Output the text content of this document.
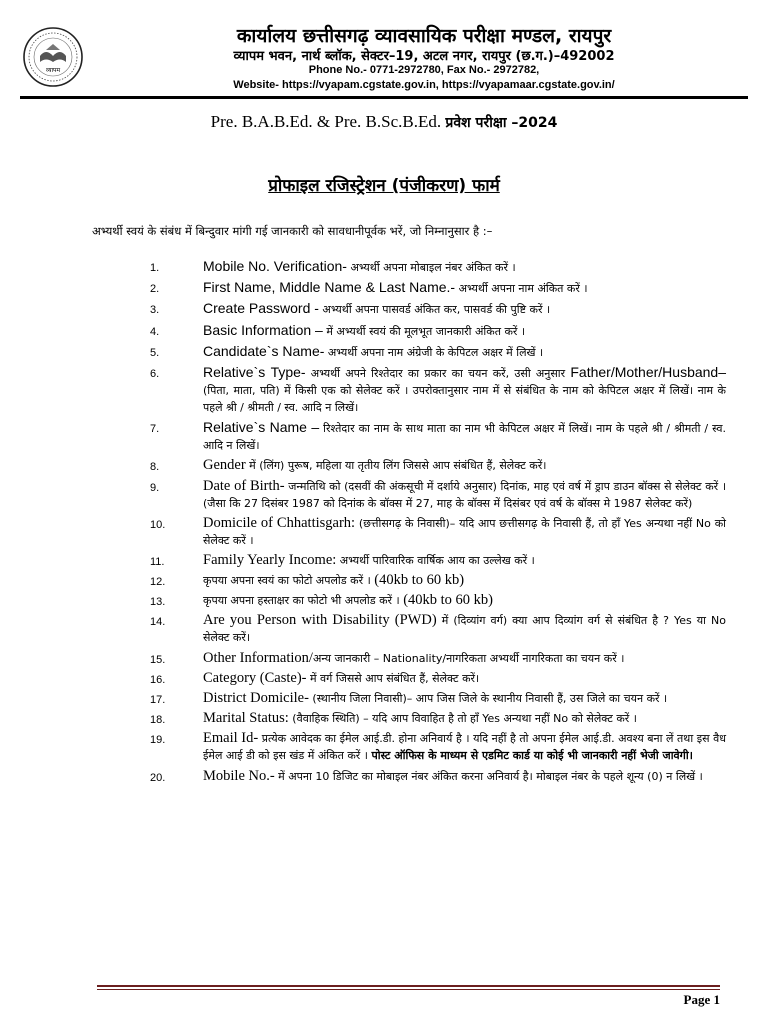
व्यापम
कार्यालय छत्तीसगढ़ व्यावसायिक परीक्षा मण्डल, रायपुर
व्यापम भवन, नार्थ ब्लॉक, सेक्टर–19, अटल नगर, रायपुर (छ.ग.)–492002
Phone No.- 0771-2972780, Fax No.- 2972782,
Website- https://vyapam.cgstate.gov.in, https://vyapamaar.cgstate.gov.in/
Pre. B.A.B.Ed. & Pre. B.Sc.B.Ed. प्रवेश परीक्षा –2024
प्रोफाइल रजिस्ट्रेशन (पंजीकरण) फार्म
अभ्यर्थी स्वयं के संबंध में बिन्दुवार मांगी गई जानकारी को सावधानीपूर्वक भरें, जो निम्नानुसार है :–
1.	Mobile No. Verification- अभ्यर्थी अपना मोबाइल नंबर अंकित करें ।
2.	First Name, Middle Name & Last Name.- अभ्यर्थी अपना नाम अंकित करें ।
3.	Create Password - अभ्यर्थी अपना पासवर्ड अंकित कर, पासवर्ड की पुष्टि करें ।
4.	Basic Information – में अभ्यर्थी स्वयं की मूलभूत जानकारी अंकित करें ।
5.	Candidate`s Name- अभ्यर्थी अपना नाम अंग्रेजी के केपिटल अक्षर में लिखें ।
6.	Relative`s Type- अभ्यर्थी अपने रिश्तेदार का प्रकार का चयन करें, उसी अनुसार Father/Mother/Husband–(पिता, माता, पति) में किसी एक को सेलेक्ट करें । उपरोक्तानुसार नाम में से संबंधित के नाम को केपिटल अक्षर में लिखें। नाम के पहले श्री / श्रीमती / स्व. आदि न लिखें।
7.	Relative`s Name – रिश्तेदार का नाम के साथ माता का नाम भी केपिटल अक्षर में लिखें। नाम के पहले श्री / श्रीमती / स्व. आदि न लिखें।
8.	Gender में (लिंग) पुरूष, महिला या तृतीय लिंग जिससे आप संबंधित हैं, सेलेक्ट करें।
9.	Date of Birth- जन्मतिथि को (दसवीं की अंकसूची में दर्शाये अनुसार) दिनांक, माह एवं वर्ष में ड्राप डाउन बॉक्स से सेलेक्ट करें । (जैसा कि 27 दिसंबर 1987 को दिनांक के बॉक्स में 27, माह के बॉक्स में दिसंबर एवं वर्ष के बॉक्स मे 1987 सेलेक्ट करें)
10.	Domicile of Chhattisgarh: (छत्तीसगढ़ के निवासी)– यदि आप छत्तीसगढ़ के निवासी हैं, तो हाँ Yes अन्यथा नहीं No को सेलेक्ट करें ।
11.	Family Yearly Income: अभ्यर्थी पारिवारिक वार्षिक आय का उल्लेख करें ।
12.	कृपया अपना स्वयं का फोटो अपलोड करें । (40kb to 60 kb)
13.	कृपया अपना हस्ताक्षर का फोटो भी अपलोड करें । (40kb to 60 kb)
14.	Are you Person with Disability (PWD) में (दिव्यांग वर्ग) क्या आप दिव्यांग वर्ग से संबंधित है ? Yes या No सेलेक्ट करें।
15.	Other Information/अन्य जानकारी – Nationality/नागरिकता अभ्यर्थी नागरिकता का चयन करें ।
16.	Category (Caste)- में वर्ग जिससे आप संबंधित हैं, सेलेक्ट करें।
17.	District Domicile- (स्थानीय जिला निवासी)– आप जिस जिले के स्थानीय निवासी हैं, उस जिले का चयन करें ।
18.	Marital Status: (वैवाहिक स्थिति) – यदि आप विवाहित है तो हाँ Yes अन्यथा नहीं No को सेलेक्ट करें ।
19.	Email Id- प्रत्येक आवेदक का ईमेल आई.डी. होना अनिवार्य है । यदि नहीं है तो अपना ईमेल आई.डी. अवश्य बना लें तथा इस वैध ईमेल आई डी को इस खंड में अंकित करें । पोस्ट ऑफिस के माध्यम से एडमिट कार्ड या कोई भी जानकारी नहीं भेजी जावेगी।
20.	Mobile No.- में अपना 10 डिजिट का मोबाइल नंबर अंकित करना अनिवार्य है। मोबाइल नंबर के पहले शून्य (0) न लिखें ।
Page 1
